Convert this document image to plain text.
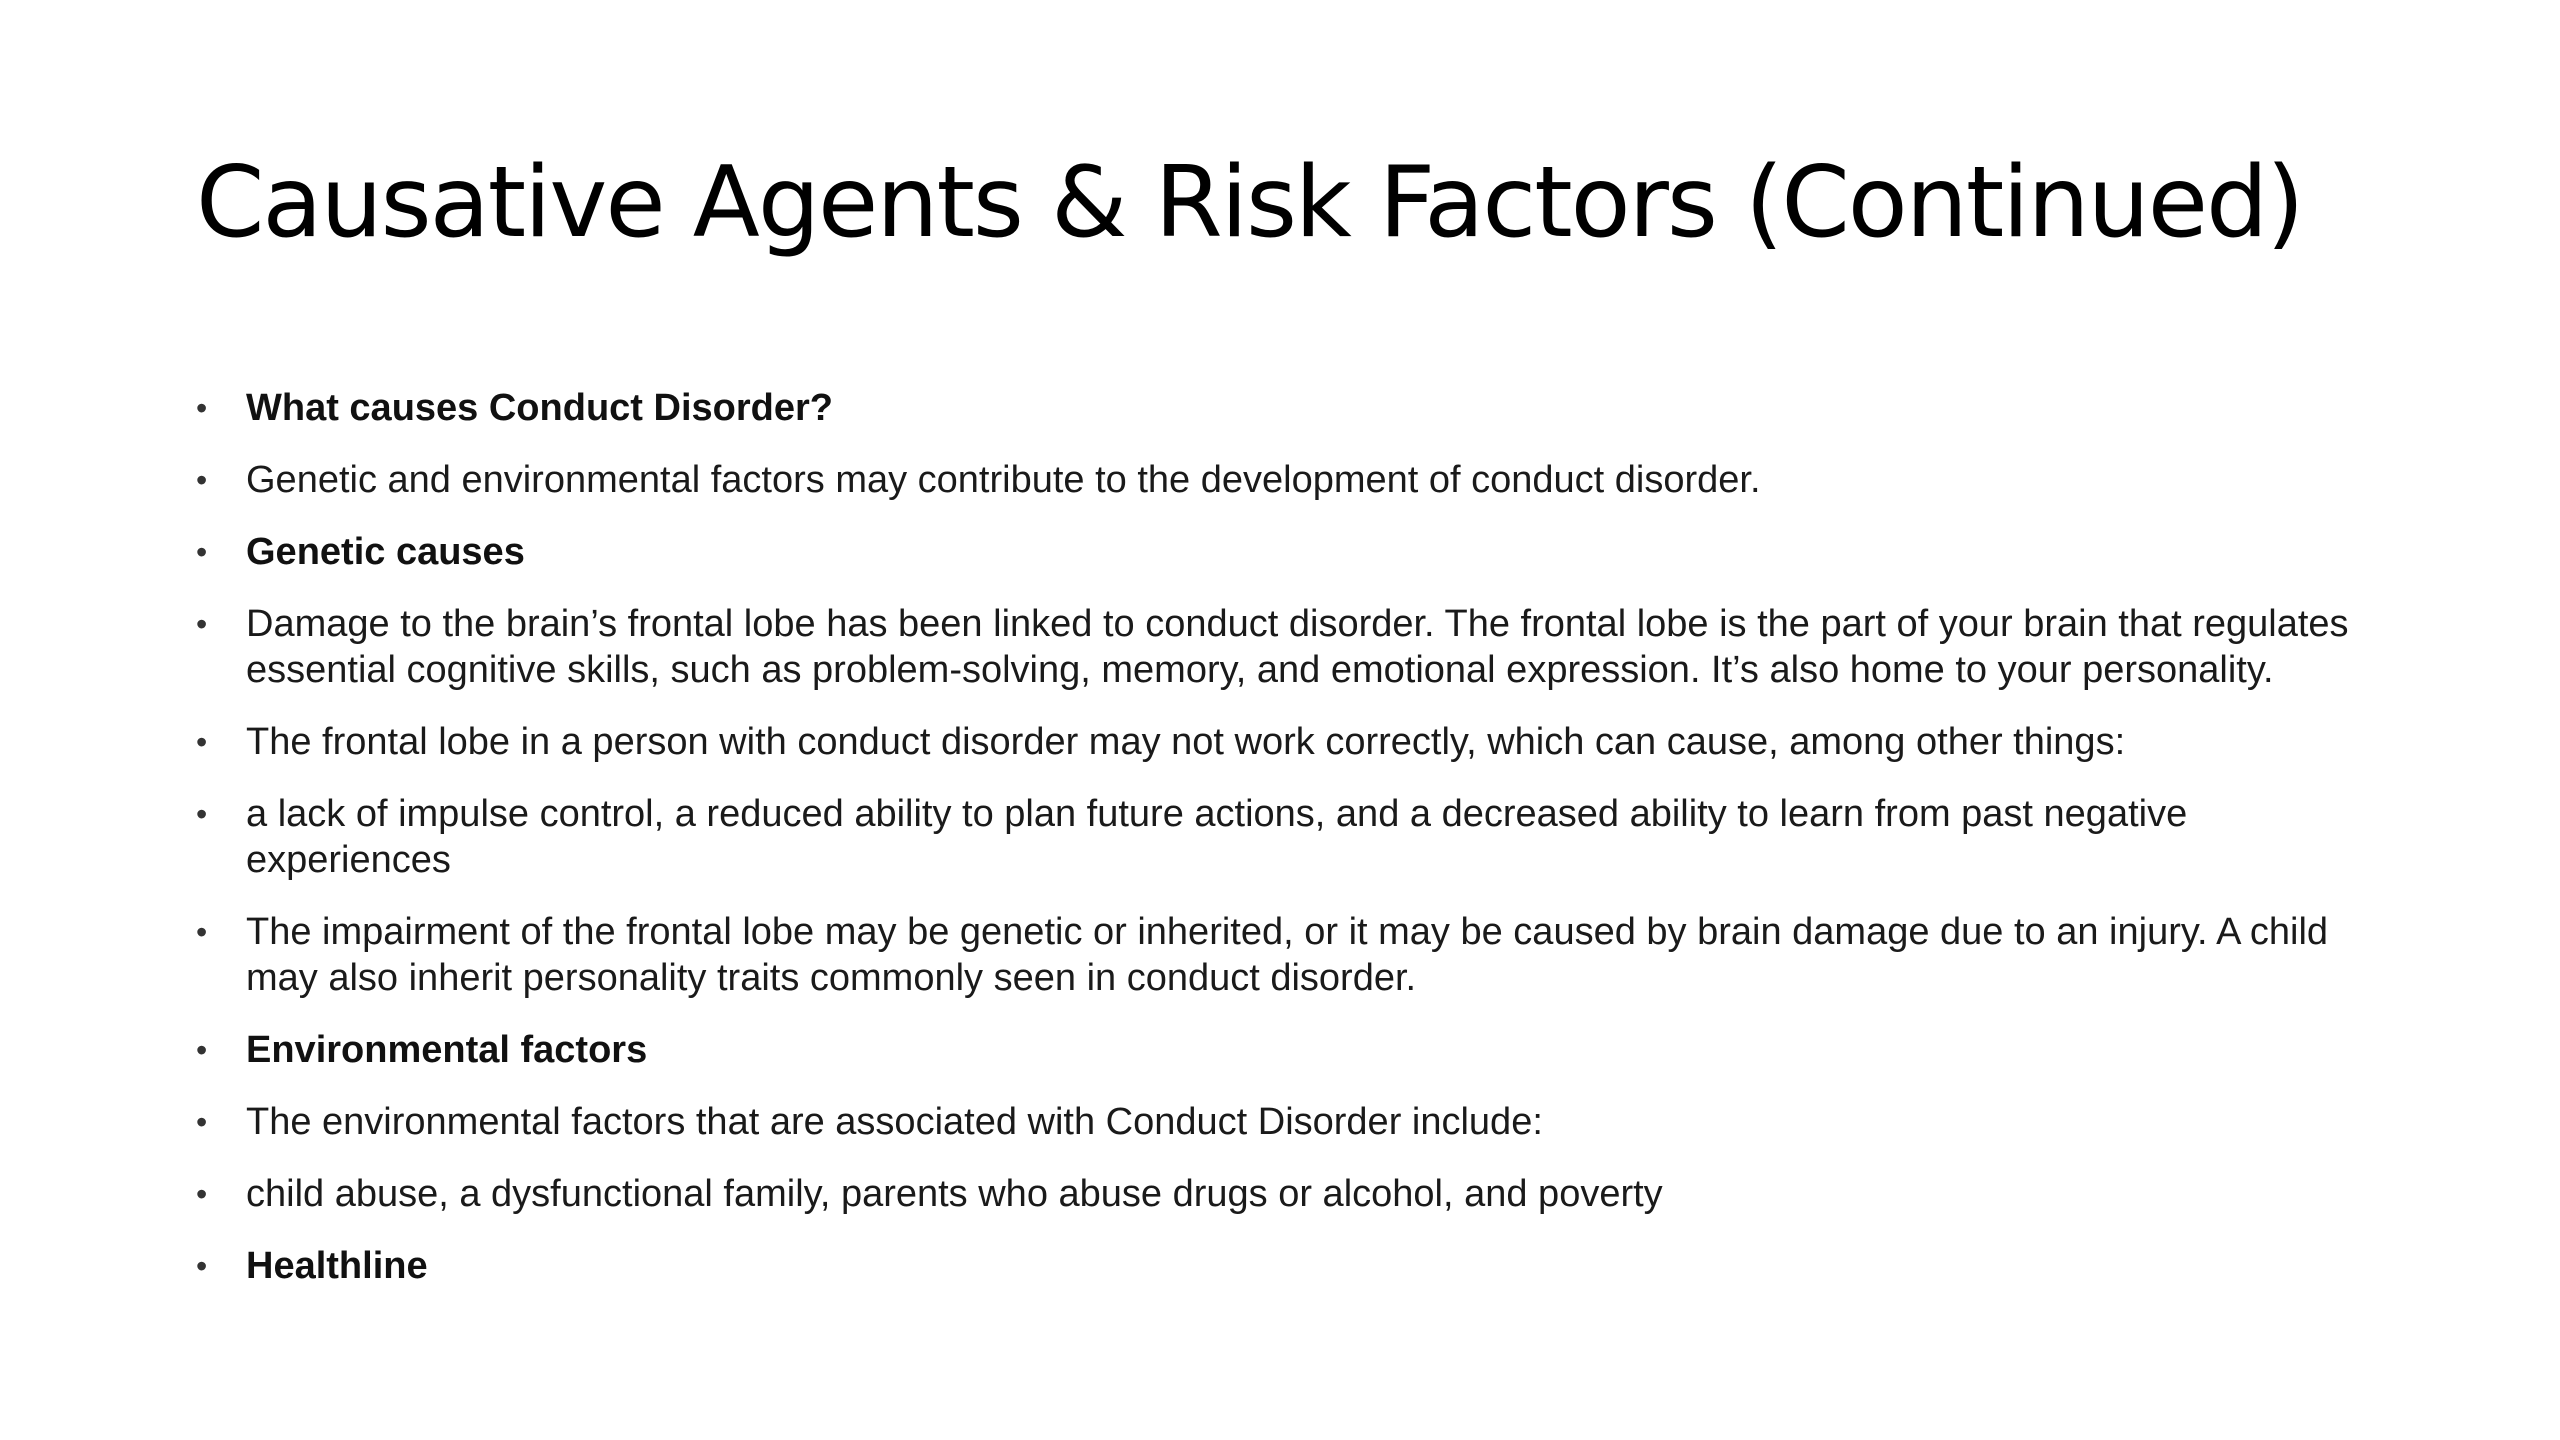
Causative Agents & Risk Factors (Continued)
• What causes Conduct Disorder?
• Genetic and environmental factors may contribute to the development of conduct disorder.
• Genetic causes
• Damage to the brain’s frontal lobe has been linked to conduct disorder. The frontal lobe is the part of your brain that regulates essential cognitive skills, such as problem-solving, memory, and emotional expression. It’s also home to your personality.
• The frontal lobe in a person with conduct disorder may not work correctly, which can cause, among other things:
• a lack of impulse control, a reduced ability to plan future actions, and a decreased ability to learn from past negative experiences
• The impairment of the frontal lobe may be genetic or inherited, or it may be caused by brain damage due to an injury. A child may also inherit personality traits commonly seen in conduct disorder.
• Environmental factors
• The environmental factors that are associated with Conduct Disorder include:
• child abuse, a dysfunctional family, parents who abuse drugs or alcohol, and poverty
• Healthline
